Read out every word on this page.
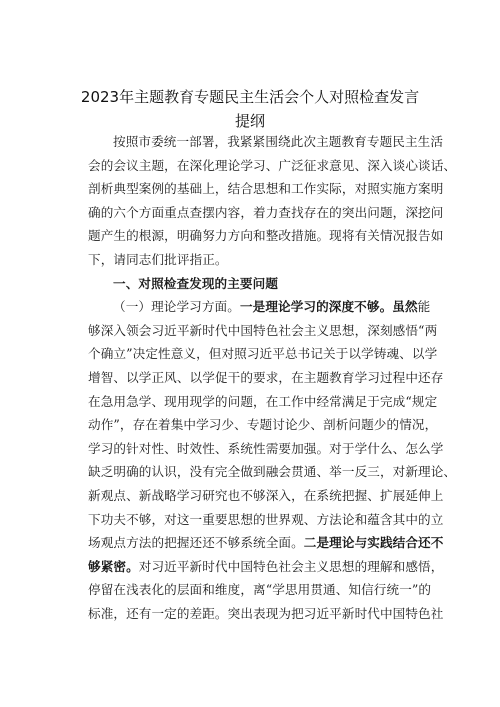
2023年主题教育专题民主生活会个人对照检查发言
提纲
按照市委统一部署，我紧紧围绕此次主题教育专题民主生活
会的会议主题，在深化理论学习、广泛征求意见、深入谈心谈话、
剖析典型案例的基础上，结合思想和工作实际，对照实施方案明
确的六个方面重点查摆内容，着力查找存在的突出问题，深挖问
题产生的根源，明确努力方向和整改措施。现将有关情况报告如
下，请同志们批评指正。
一、对照检查发现的主要问题
（一）理论学习方面。一是理论学习的深度不够。虽然能
够深入领会习近平新时代中国特色社会主义思想，深刻感悟“两
个确立”决定性意义，但对照习近平总书记关于以学铸魂、以学
增智、以学正风、以学促干的要求，在主题教育学习过程中还存
在急用急学、现用现学的问题，在工作中经常满足于完成“规定
动作”，存在着集中学习少、专题讨论少、剖析问题少的情况，
学习的针对性、时效性、系统性需要加强。对于学什么、怎么学
缺乏明确的认识，没有完全做到融会贯通、举一反三，对新理论、
新观点、新战略学习研究也不够深入，在系统把握、扩展延伸上
下功夫不够，对这一重要思想的世界观、方法论和蕴含其中的立
场观点方法的把握还还不够系统全面。二是理论与实践结合还不
够紧密。对习近平新时代中国特色社会主义思想的理解和感悟，
停留在浅表化的层面和维度，离“学思用贯通、知信行统一”的
标准，还有一定的差距。突出表现为把习近平新时代中国特色社
